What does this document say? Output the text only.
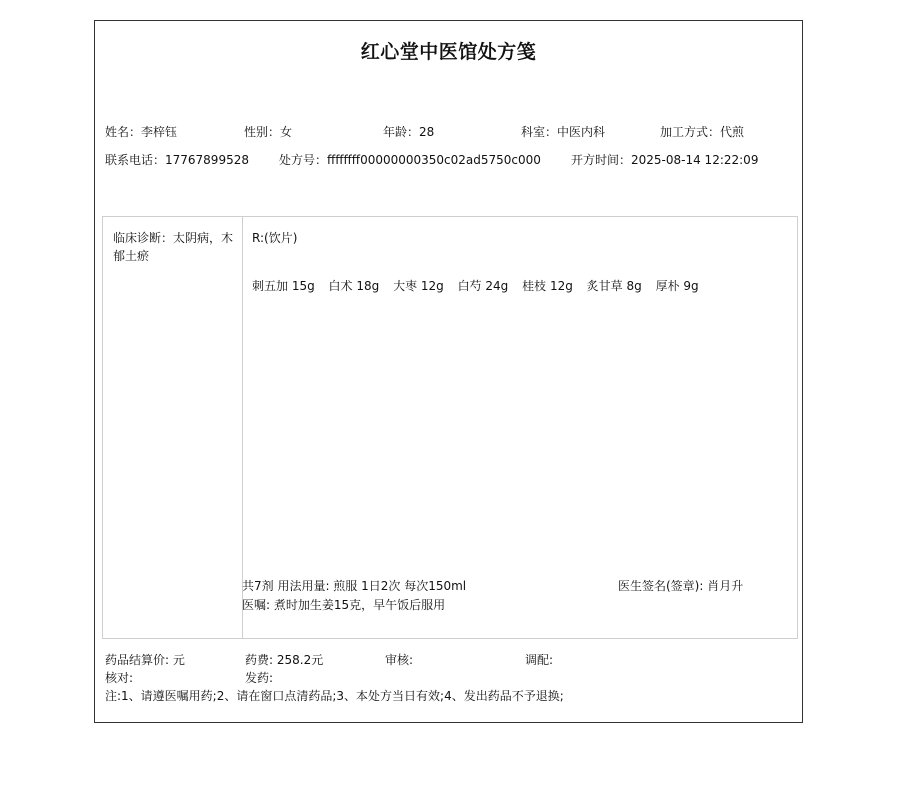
红心堂中医馆处方笺
姓名：李梓钰	性别：女	年龄：28	科室：中医内科	加工方式：代煎
联系电话：17767899528	处方号：ffffffff00000000350c02ad5750c000	开方时间：2025-08-14 12:22:09
临床诊断：太阴病，木郁土瘀
R:(饮片)
刺五加 15g 白术 18g 大枣 12g 白芍 24g 桂枝 12g 炙甘草 8g 厚朴 9g
共7剂 用法用量: 煎服 1日2次 每次150ml
医嘱: 煮时加生姜15克，早午饭后服用
医生签名(签章): 肖月升
药品结算价: 元	药费: 258.2元	审核:	调配:
核对:	发药:
注:1、请遵医嘱用药;2、请在窗口点清药品;3、本处方当日有效;4、发出药品不予退换;
